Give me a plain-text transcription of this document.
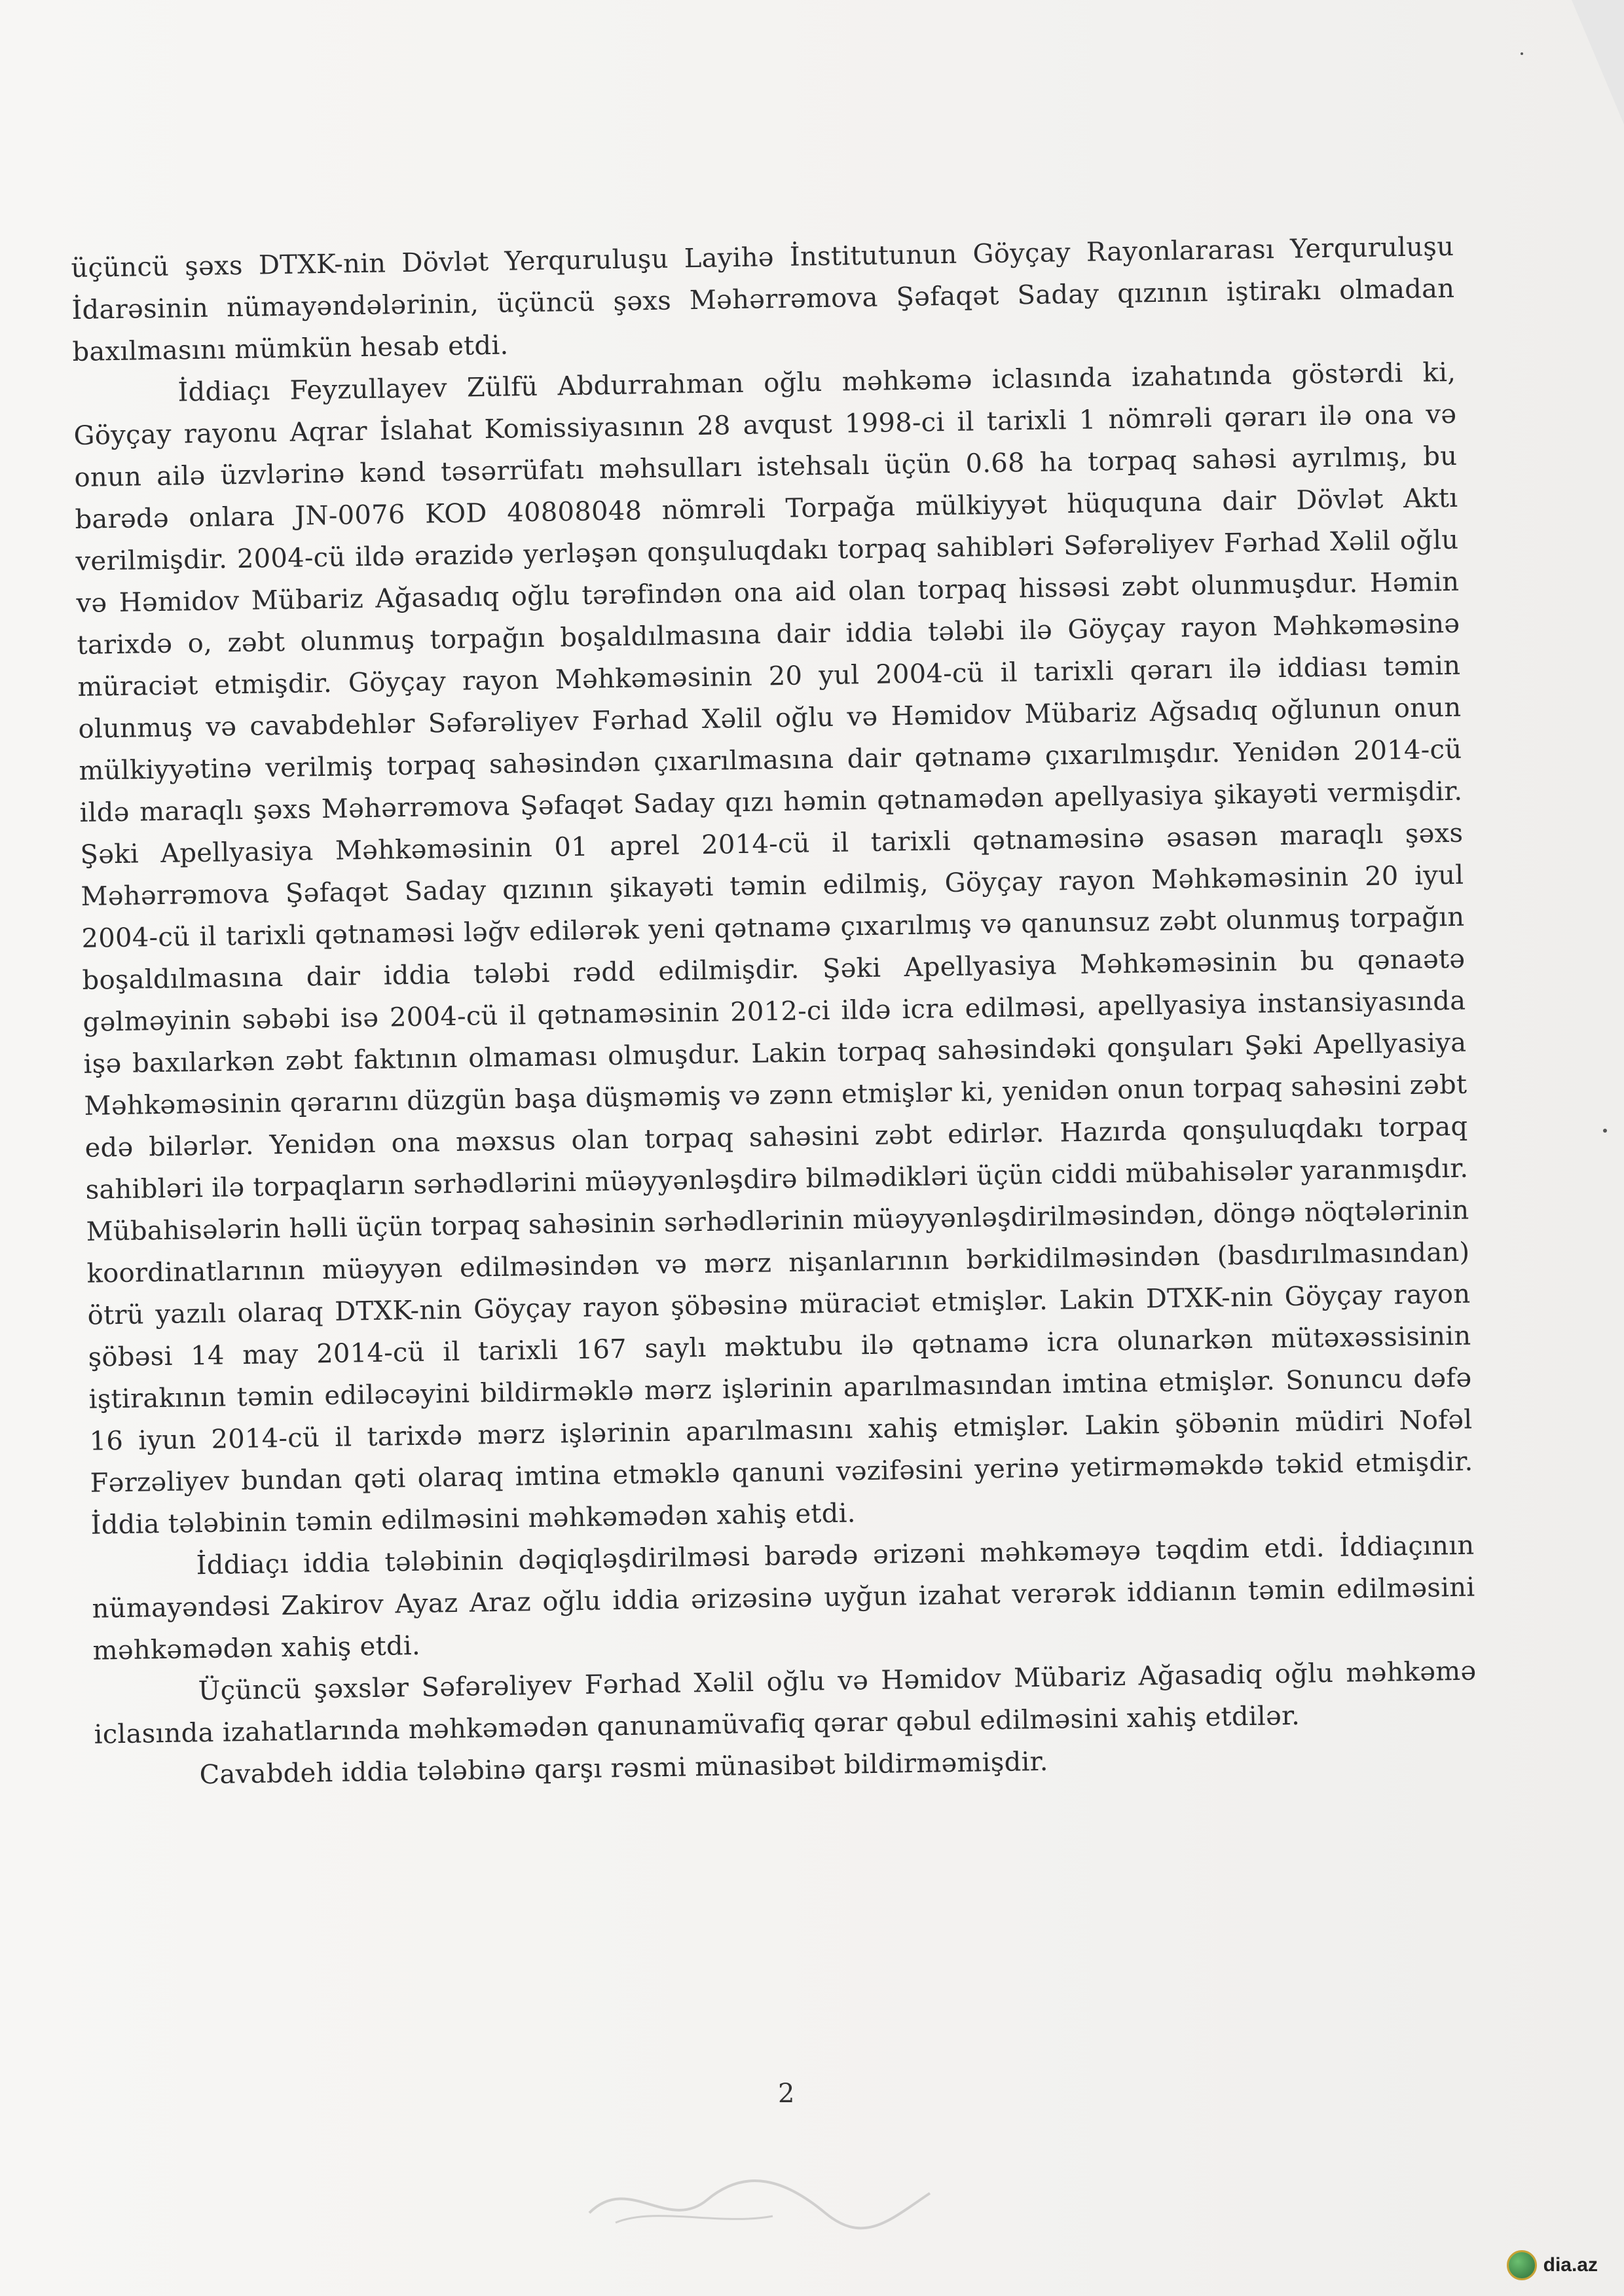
üçüncü şəxs DTXK-nin Dövlət Yerquruluşu Layihə İnstitutunun Göyçay Rayonlararası Yerquruluşu İdarəsinin nümayəndələrinin, üçüncü şəxs Məhərrəmova Şəfaqət Saday qızının iştirakı olmadan baxılmasını mümkün hesab etdi.

İddiaçı Feyzullayev Zülfü Abdurrahman oğlu məhkəmə iclasında izahatında göstərdi ki, Göyçay rayonu Aqrar İslahat Komissiyasının 28 avqust 1998-ci il tarixli 1 nömrəli qərarı ilə ona və onun ailə üzvlərinə kənd təsərrüfatı məhsulları istehsalı üçün 0.68 ha torpaq sahəsi ayrılmış, bu barədə onlara JN-0076 KOD 40808048 nömrəli Torpağa mülkiyyət hüququna dair Dövlət Aktı verilmişdir. 2004-cü ildə ərazidə yerləşən qonşuluqdakı torpaq sahibləri Səfərəliyev Fərhad Xəlil oğlu və Həmidov Mübariz Ağasadıq oğlu tərəfindən ona aid olan torpaq hissəsi zəbt olunmuşdur. Həmin tarixdə o, zəbt olunmuş torpağın boşaldılmasına dair iddia tələbi ilə Göyçay rayon Məhkəməsinə müraciət etmişdir. Göyçay rayon Məhkəməsinin 20 yul 2004-cü il tarixli qərarı ilə iddiası təmin olunmuş və cavabdehlər Səfərəliyev Fərhad Xəlil oğlu və Həmidov Mübariz Ağsadıq oğlunun onun mülkiyyətinə verilmiş torpaq sahəsindən çıxarılmasına dair qətnamə çıxarılmışdır. Yenidən 2014-cü ildə maraqlı şəxs Məhərrəmova Şəfaqət Saday qızı həmin qətnamədən apellyasiya şikayəti vermişdir. Şəki Apellyasiya Məhkəməsinin 01 aprel 2014-cü il tarixli qətnaməsinə əsasən maraqlı şəxs Məhərrəmova Şəfaqət Saday qızının şikayəti təmin edilmiş, Göyçay rayon Məhkəməsinin 20 iyul 2004-cü il tarixli qətnaməsi ləğv edilərək yeni qətnamə çıxarılmış və qanunsuz zəbt olunmuş torpağın boşaldılmasına dair iddia tələbi rədd edilmişdir. Şəki Apellyasiya Məhkəməsinin bu qənaətə gəlməyinin səbəbi isə 2004-cü il qətnaməsinin 2012-ci ildə icra edilməsi, apellyasiya instansiyasında işə baxılarkən zəbt faktının olmaması olmuşdur. Lakin torpaq sahəsindəki qonşuları Şəki Apellyasiya Məhkəməsinin qərarını düzgün başa düşməmiş və zənn etmişlər ki, yenidən onun torpaq sahəsini zəbt edə bilərlər. Yenidən ona məxsus olan torpaq sahəsini zəbt edirlər. Hazırda qonşuluqdakı torpaq sahibləri ilə torpaqların sərhədlərini müəyyənləşdirə bilmədikləri üçün ciddi mübahisələr yaranmışdır. Mübahisələrin həlli üçün torpaq sahəsinin sərhədlərinin müəyyənləşdirilməsindən, döngə nöqtələrinin koordinatlarının müəyyən edilməsindən və mərz nişanlarının bərkidilməsindən (basdırılmasından) ötrü yazılı olaraq DTXK-nin Göyçay rayon şöbəsinə müraciət etmişlər. Lakin DTXK-nin Göyçay rayon şöbəsi 14 may 2014-cü il tarixli 167 saylı məktubu ilə qətnamə icra olunarkən mütəxəssisinin iştirakının təmin ediləcəyini bildirməklə mərz işlərinin aparılmasından imtina etmişlər. Sonuncu dəfə 16 iyun 2014-cü il tarixdə mərz işlərinin aparılmasını xahiş etmişlər. Lakin şöbənin müdiri Nofəl Fərzəliyev bundan qəti olaraq imtina etməklə qanuni vəzifəsini yerinə yetirməməkdə təkid etmişdir. İddia tələbinin təmin edilməsini məhkəmədən xahiş etdi.

İddiaçı iddia tələbinin dəqiqləşdirilməsi barədə ərizəni məhkəməyə təqdim etdi. İddiaçının nümayəndəsi Zakirov Ayaz Araz oğlu iddia ərizəsinə uyğun izahat verərək iddianın təmin edilməsini məhkəmədən xahiş etdi.

Üçüncü şəxslər Səfərəliyev Fərhad Xəlil oğlu və Həmidov Mübariz Ağasadiq oğlu məhkəmə iclasında izahatlarında məhkəmədən qanunamüvafiq qərar qəbul edilməsini xahiş etdilər.

Cavabdeh iddia tələbinə qarşı rəsmi münasibət bildirməmişdir.

2
dia.az
